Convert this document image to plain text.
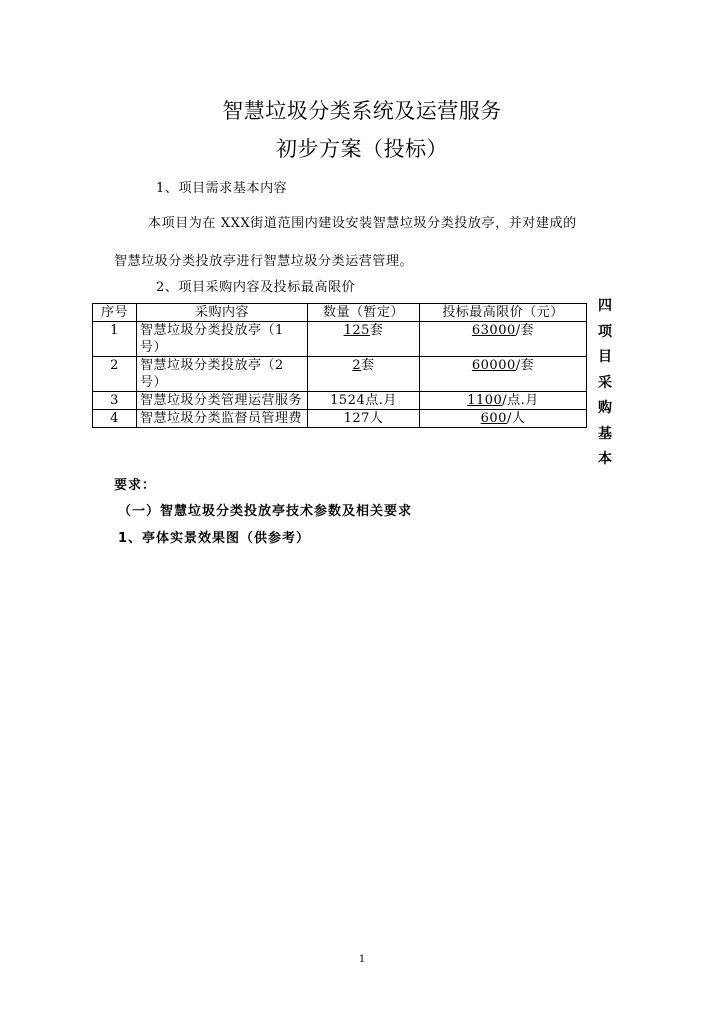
智慧垃圾分类系统及运营服务
初步方案（投标）
1、项目需求基本内容
本项目为在 XXX街道范围内建设安装智慧垃圾分类投放亭，并对建成的
智慧垃圾分类投放亭进行智慧垃圾分类运营管理。
2、项目采购内容及投标最高限价
序号	采购内容	数量（暂定）	投标最高限价（元）
1	智慧垃圾分类投放亭（1号）	125套	63000/套
2	智慧垃圾分类投放亭（2号）	2套	60000/套
3	智慧垃圾分类管理运营服务	1524点.月	1100/点.月
4	智慧垃圾分类监督员管理费	127人	600/人
四
项
目
采
购
基
本
要求：
（一）智慧垃圾分类投放亭技术参数及相关要求
1、亭体实景效果图（供参考）
1
